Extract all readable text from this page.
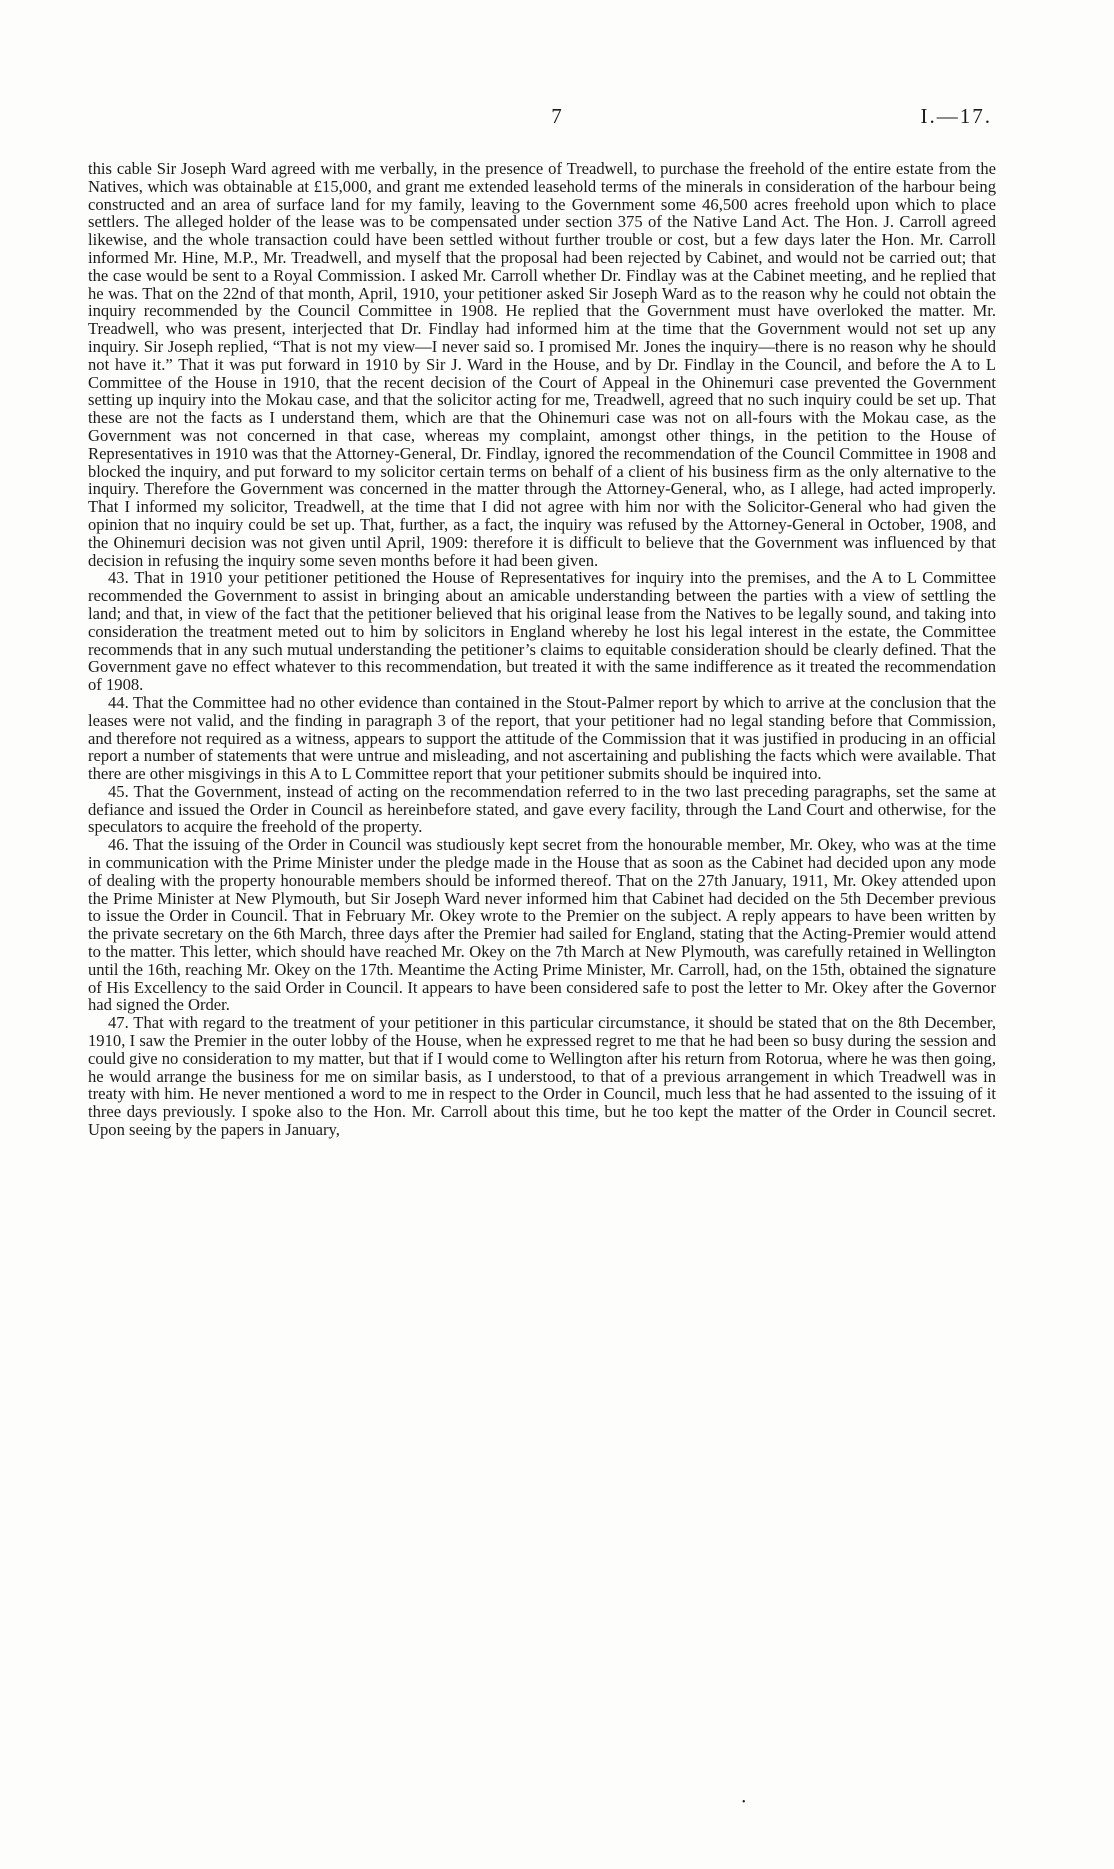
7	I.—17.

this cable Sir Joseph Ward agreed with me verbally, in the presence of Treadwell, to purchase the freehold of the entire estate from the Natives, which was obtainable at £15,000, and grant me extended leasehold terms of the minerals in consideration of the harbour being constructed and an area of surface land for my family, leaving to the Government some 46,500 acres freehold upon which to place settlers. The alleged holder of the lease was to be compensated under section 375 of the Native Land Act. The Hon. J. Carroll agreed likewise, and the whole transaction could have been settled without further trouble or cost, but a few days later the Hon. Mr. Carroll informed Mr. Hine, M.P., Mr. Treadwell, and myself that the proposal had been rejected by Cabinet, and would not be carried out; that the case would be sent to a Royal Commission. I asked Mr. Carroll whether Dr. Findlay was at the Cabinet meeting, and he replied that he was. That on the 22nd of that month, April, 1910, your petitioner asked Sir Joseph Ward as to the reason why he could not obtain the inquiry recommended by the Council Committee in 1908. He replied that the Government must have overloked the matter. Mr. Treadwell, who was present, interjected that Dr. Findlay had informed him at the time that the Government would not set up any inquiry. Sir Joseph replied, “That is not my view—I never said so. I promised Mr. Jones the inquiry—there is no reason why he should not have it.” That it was put forward in 1910 by Sir J. Ward in the House, and by Dr. Findlay in the Council, and before the A to L Committee of the House in 1910, that the recent decision of the Court of Appeal in the Ohinemuri case prevented the Government setting up inquiry into the Mokau case, and that the solicitor acting for me, Treadwell, agreed that no such inquiry could be set up. That these are not the facts as I understand them, which are that the Ohinemuri case was not on all-fours with the Mokau case, as the Government was not concerned in that case, whereas my complaint, amongst other things, in the petition to the House of Representatives in 1910 was that the Attorney-General, Dr. Findlay, ignored the recommendation of the Council Committee in 1908 and blocked the inquiry, and put forward to my solicitor certain terms on behalf of a client of his business firm as the only alternative to the inquiry. Therefore the Government was concerned in the matter through the Attorney-General, who, as I allege, had acted improperly. That I informed my solicitor, Treadwell, at the time that I did not agree with him nor with the Solicitor-General who had given the opinion that no inquiry could be set up. That, further, as a fact, the inquiry was refused by the Attorney-General in October, 1908, and the Ohinemuri decision was not given until April, 1909: therefore it is difficult to believe that the Government was influenced by that decision in refusing the inquiry some seven months before it had been given.

43. That in 1910 your petitioner petitioned the House of Representatives for inquiry into the premises, and the A to L Committee recommended the Government to assist in bringing about an amicable understanding between the parties with a view of settling the land; and that, in view of the fact that the petitioner believed that his original lease from the Natives to be legally sound, and taking into consideration the treatment meted out to him by solicitors in England whereby he lost his legal interest in the estate, the Committee recommends that in any such mutual understanding the petitioner’s claims to equitable consideration should be clearly defined. That the Government gave no effect whatever to this recommendation, but treated it with the same indifference as it treated the recommendation of 1908.

44. That the Committee had no other evidence than contained in the Stout-Palmer report by which to arrive at the conclusion that the leases were not valid, and the finding in paragraph 3 of the report, that your petitioner had no legal standing before that Commission, and therefore not required as a witness, appears to support the attitude of the Commission that it was justified in producing in an official report a number of statements that were untrue and misleading, and not ascertaining and publishing the facts which were available. That there are other misgivings in this A to L Committee report that your petitioner submits should be inquired into.

45. That the Government, instead of acting on the recommendation referred to in the two last preceding paragraphs, set the same at defiance and issued the Order in Council as hereinbefore stated, and gave every facility, through the Land Court and otherwise, for the speculators to acquire the freehold of the property.

46. That the issuing of the Order in Council was studiously kept secret from the honourable member, Mr. Okey, who was at the time in communication with the Prime Minister under the pledge made in the House that as soon as the Cabinet had decided upon any mode of dealing with the property honourable members should be informed thereof. That on the 27th January, 1911, Mr. Okey attended upon the Prime Minister at New Plymouth, but Sir Joseph Ward never informed him that Cabinet had decided on the 5th December previous to issue the Order in Council. That in February Mr. Okey wrote to the Premier on the subject. A reply appears to have been written by the private secretary on the 6th March, three days after the Premier had sailed for England, stating that the Acting-Premier would attend to the matter. This letter, which should have reached Mr. Okey on the 7th March at New Plymouth, was carefully retained in Wellington until the 16th, reaching Mr. Okey on the 17th. Meantime the Acting Prime Minister, Mr. Carroll, had, on the 15th, obtained the signature of His Excellency to the said Order in Council. It appears to have been considered safe to post the letter to Mr. Okey after the Governor had signed the Order.

47. That with regard to the treatment of your petitioner in this particular circumstance, it should be stated that on the 8th December, 1910, I saw the Premier in the outer lobby of the House, when he expressed regret to me that he had been so busy during the session and could give no consideration to my matter, but that if I would come to Wellington after his return from Rotorua, where he was then going, he would arrange the business for me on similar basis, as I understood, to that of a previous arrangement in which Treadwell was in treaty with him. He never mentioned a word to me in respect to the Order in Council, much less that he had assented to the issuing of it three days previously. I spoke also to the Hon. Mr. Carroll about this time, but he too kept the matter of the Order in Council secret. Upon seeing by the papers in January,

•
